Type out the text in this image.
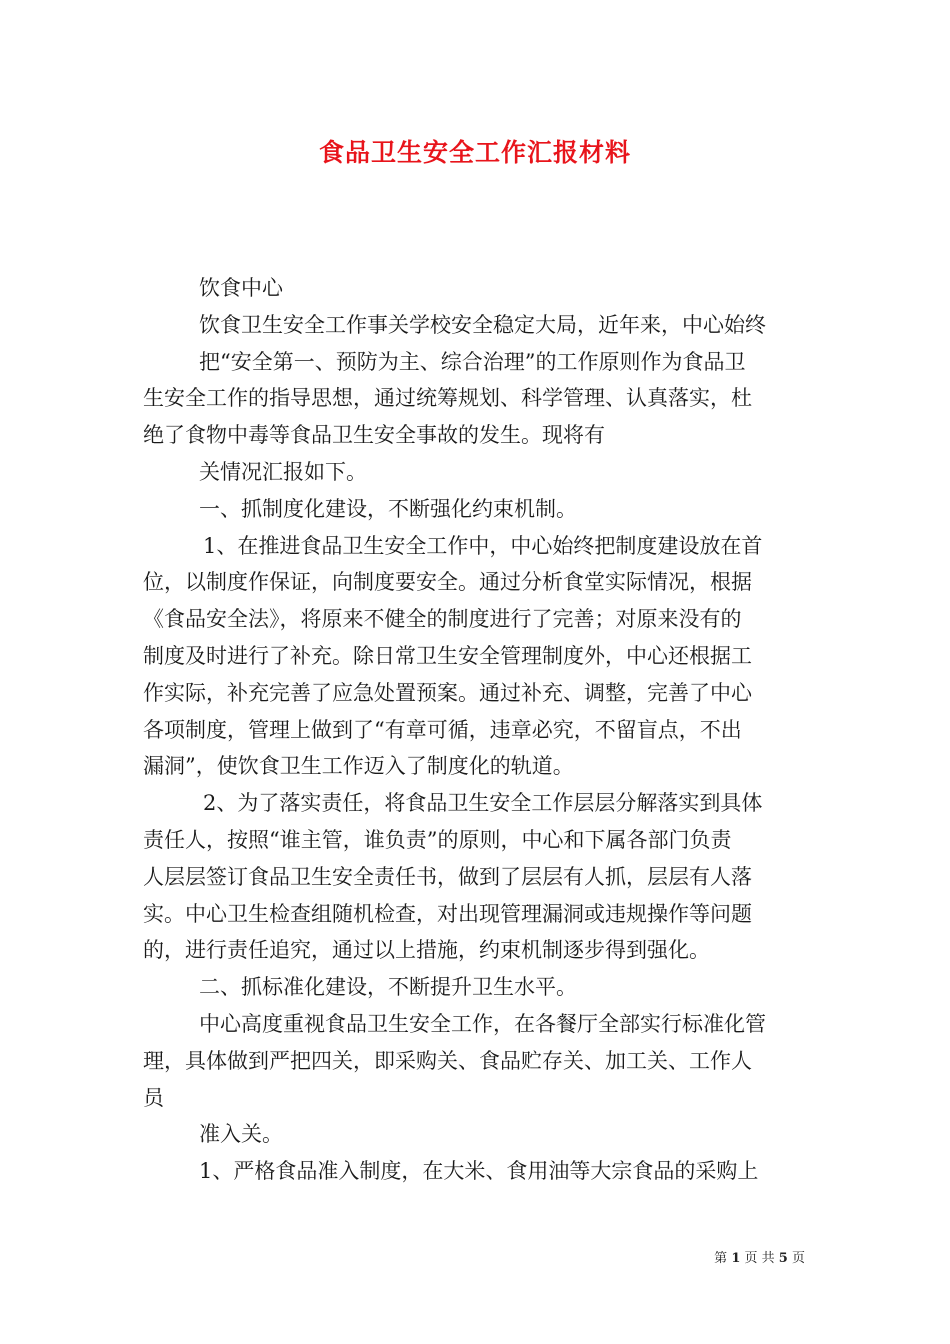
食品卫生安全工作汇报材料

饮食中心

饮食卫生安全工作事关学校安全稳定大局，近年来，中心始终

把“安全第一、预防为主、综合治理”的工作原则作为食品卫

生安全工作的指导思想，通过统筹规划、科学管理、认真落实，杜

绝了食物中毒等食品卫生安全事故的发生。现将有

关情况汇报如下。

一、抓制度化建设，不断强化约束机制。

1、在推进食品卫生安全工作中，中心始终把制度建设放在首

位，以制度作保证，向制度要安全。通过分析食堂实际情况，根据

《食品安全法》，将原来不健全的制度进行了完善；对原来没有的

制度及时进行了补充。除日常卫生安全管理制度外，中心还根据工

作实际，补充完善了应急处置预案。通过补充、调整，完善了中心

各项制度，管理上做到了“有章可循，违章必究，不留盲点，不出

漏洞”，使饮食卫生工作迈入了制度化的轨道。

2、为了落实责任，将食品卫生安全工作层层分解落实到具体

责任人，按照“谁主管，谁负责”的原则，中心和下属各部门负责

人层层签订食品卫生安全责任书，做到了层层有人抓，层层有人落

实。中心卫生检查组随机检查，对出现管理漏洞或违规操作等问题

的，进行责任追究，通过以上措施，约束机制逐步得到强化。

二、抓标准化建设，不断提升卫生水平。

中心高度重视食品卫生安全工作，在各餐厅全部实行标准化管

理，具体做到严把四关，即采购关、食品贮存关、加工关、工作人

员

准入关。

1、严格食品准入制度，在大米、食用油等大宗食品的采购上

第 1 页 共 5 页
